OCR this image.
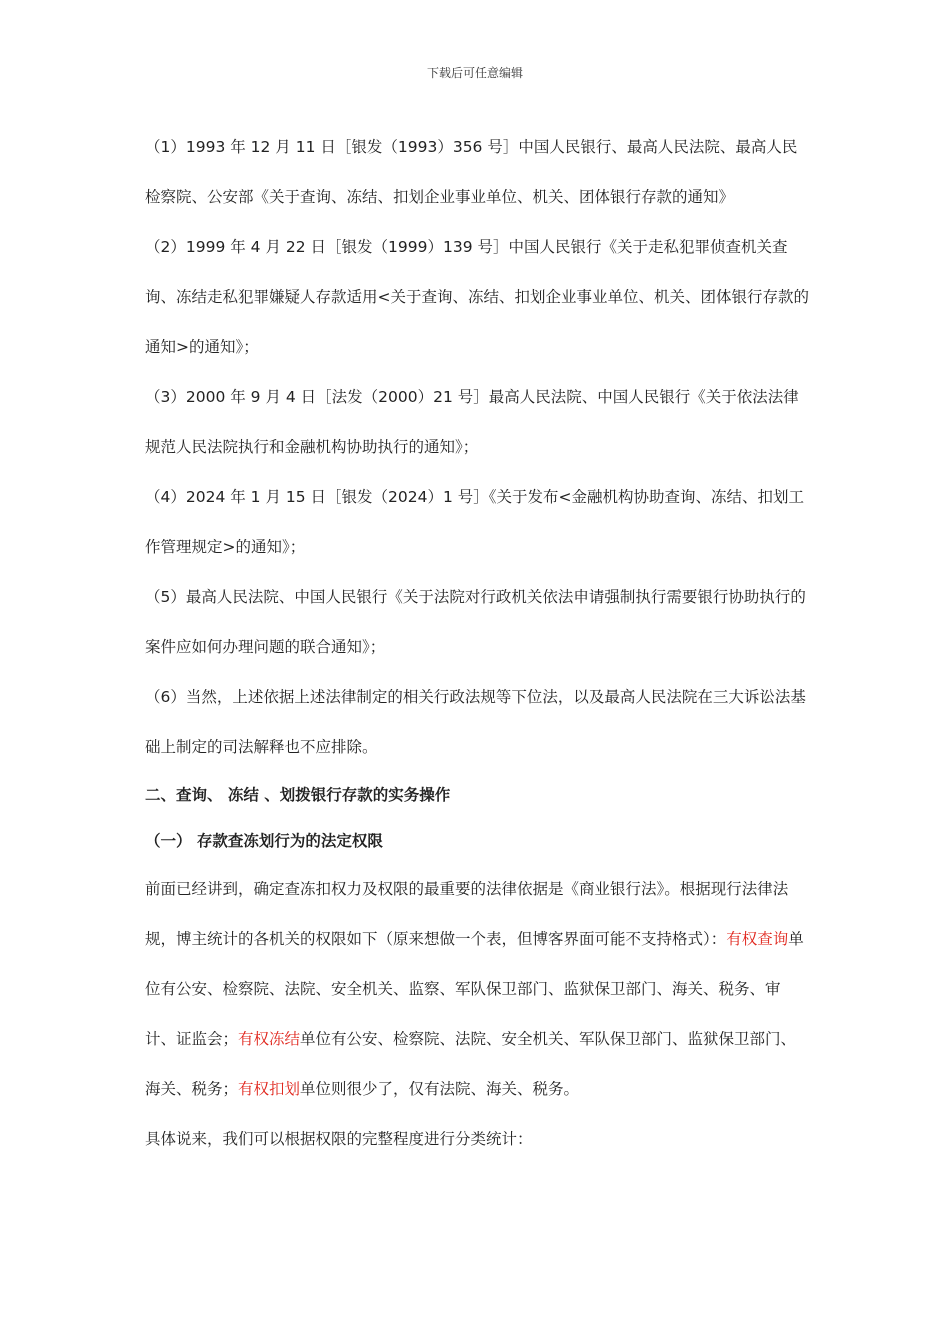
下载后可任意编辑

（1）1993 年 12 月 11 日［银发（1993）356 号］中国人民银行、最高人民法院、最高人民检察院、公安部《关于查询、冻结、扣划企业事业单位、机关、团体银行存款的通知》

（2）1999 年 4 月 22 日［银发（1999）139 号］中国人民银行《关于走私犯罪侦查机关查询、冻结走私犯罪嫌疑人存款适用<关于查询、冻结、扣划企业事业单位、机关、团体银行存款的通知>的通知》；

（3）2000 年 9 月 4 日［法发（2000）21 号］最高人民法院、中国人民银行《关于依法法律规范人民法院执行和金融机构协助执行的通知》；

（4）2024 年 1 月 15 日［银发（2024）1 号］《关于发布<金融机构协助查询、冻结、扣划工作管理规定>的通知》；

（5）最高人民法院、中国人民银行《关于法院对行政机关依法申请强制执行需要银行协助执行的案件应如何办理问题的联合通知》；

（6）当然，上述依据上述法律制定的相关行政法规等下位法，以及最高人民法院在三大诉讼法基础上制定的司法解释也不应排除。

二、查询、 冻结 、划拨银行存款的实务操作

（一） 存款查冻划行为的法定权限

前面已经讲到，确定查冻扣权力及权限的最重要的法律依据是《商业银行法》。根据现行法律法规，博主统计的各机关的权限如下（原来想做一个表，但博客界面可能不支持格式）：有权查询单位有公安、检察院、法院、安全机关、监察、军队保卫部门、监狱保卫部门、海关、税务、审计、证监会；有权冻结单位有公安、检察院、法院、安全机关、军队保卫部门、监狱保卫部门、海关、税务；有权扣划单位则很少了，仅有法院、海关、税务。

具体说来，我们可以根据权限的完整程度进行分类统计：
